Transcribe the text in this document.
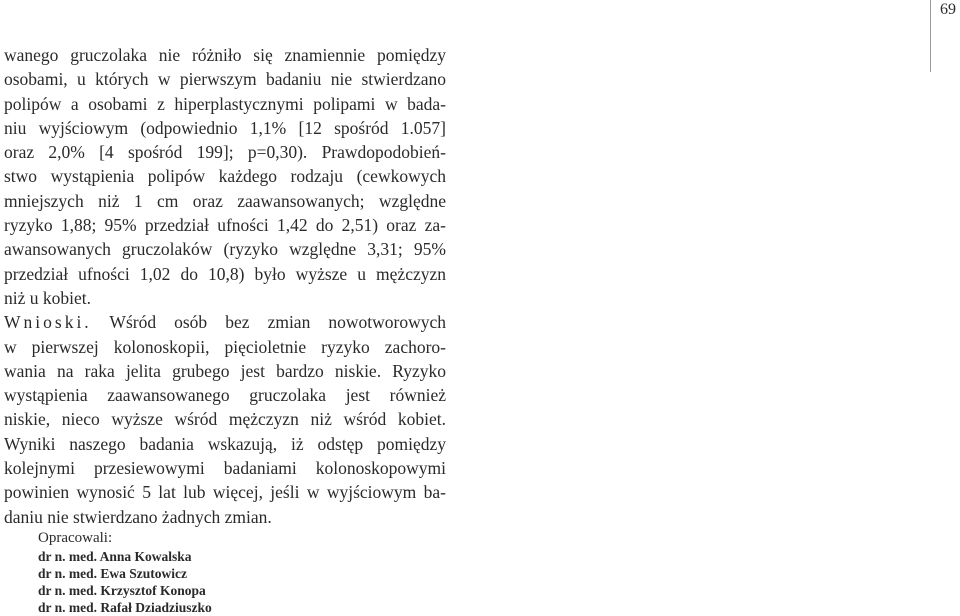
69
wanego gruczolaka nie różniło się znamiennie pomiędzy
osobami, u których w pierwszym badaniu nie stwierdzano
polipów a osobami z hiperplastycznymi polipami w bada-
niu wyjściowym (odpowiednio 1,1% [12 spośród 1.057]
oraz 2,0% [4 spośród 199]; p=0,30). Prawdopodobień-
stwo wystąpienia polipów każdego rodzaju (cewkowych
mniejszych niż 1 cm oraz zaawansowanych; względne
ryzyko 1,88; 95% przedział ufności 1,42 do 2,51) oraz za-
awansowanych gruczolaków (ryzyko względne 3,31; 95%
przedział ufności 1,02 do 10,8) było wyższe u mężczyzn
niż u kobiet.
Wnioski. Wśród osób bez zmian nowotworowych
w pierwszej kolonoskopii, pięcioletnie ryzyko zachoro-
wania na raka jelita grubego jest bardzo niskie. Ryzyko
wystąpienia zaawansowanego gruczolaka jest również
niskie, nieco wyższe wśród mężczyzn niż wśród kobiet.
Wyniki naszego badania wskazują, iż odstęp pomiędzy
kolejnymi przesiewowymi badaniami kolonoskopowymi
powinien wynosić 5 lat lub więcej, jeśli w wyjściowym ba-
daniu nie stwierdzano żadnych zmian.
Opracowali:
dr n. med. Anna Kowalska
dr n. med. Ewa Szutowicz
dr n. med. Krzysztof Konopa
dr n. med. Rafał Dziadziuszko
